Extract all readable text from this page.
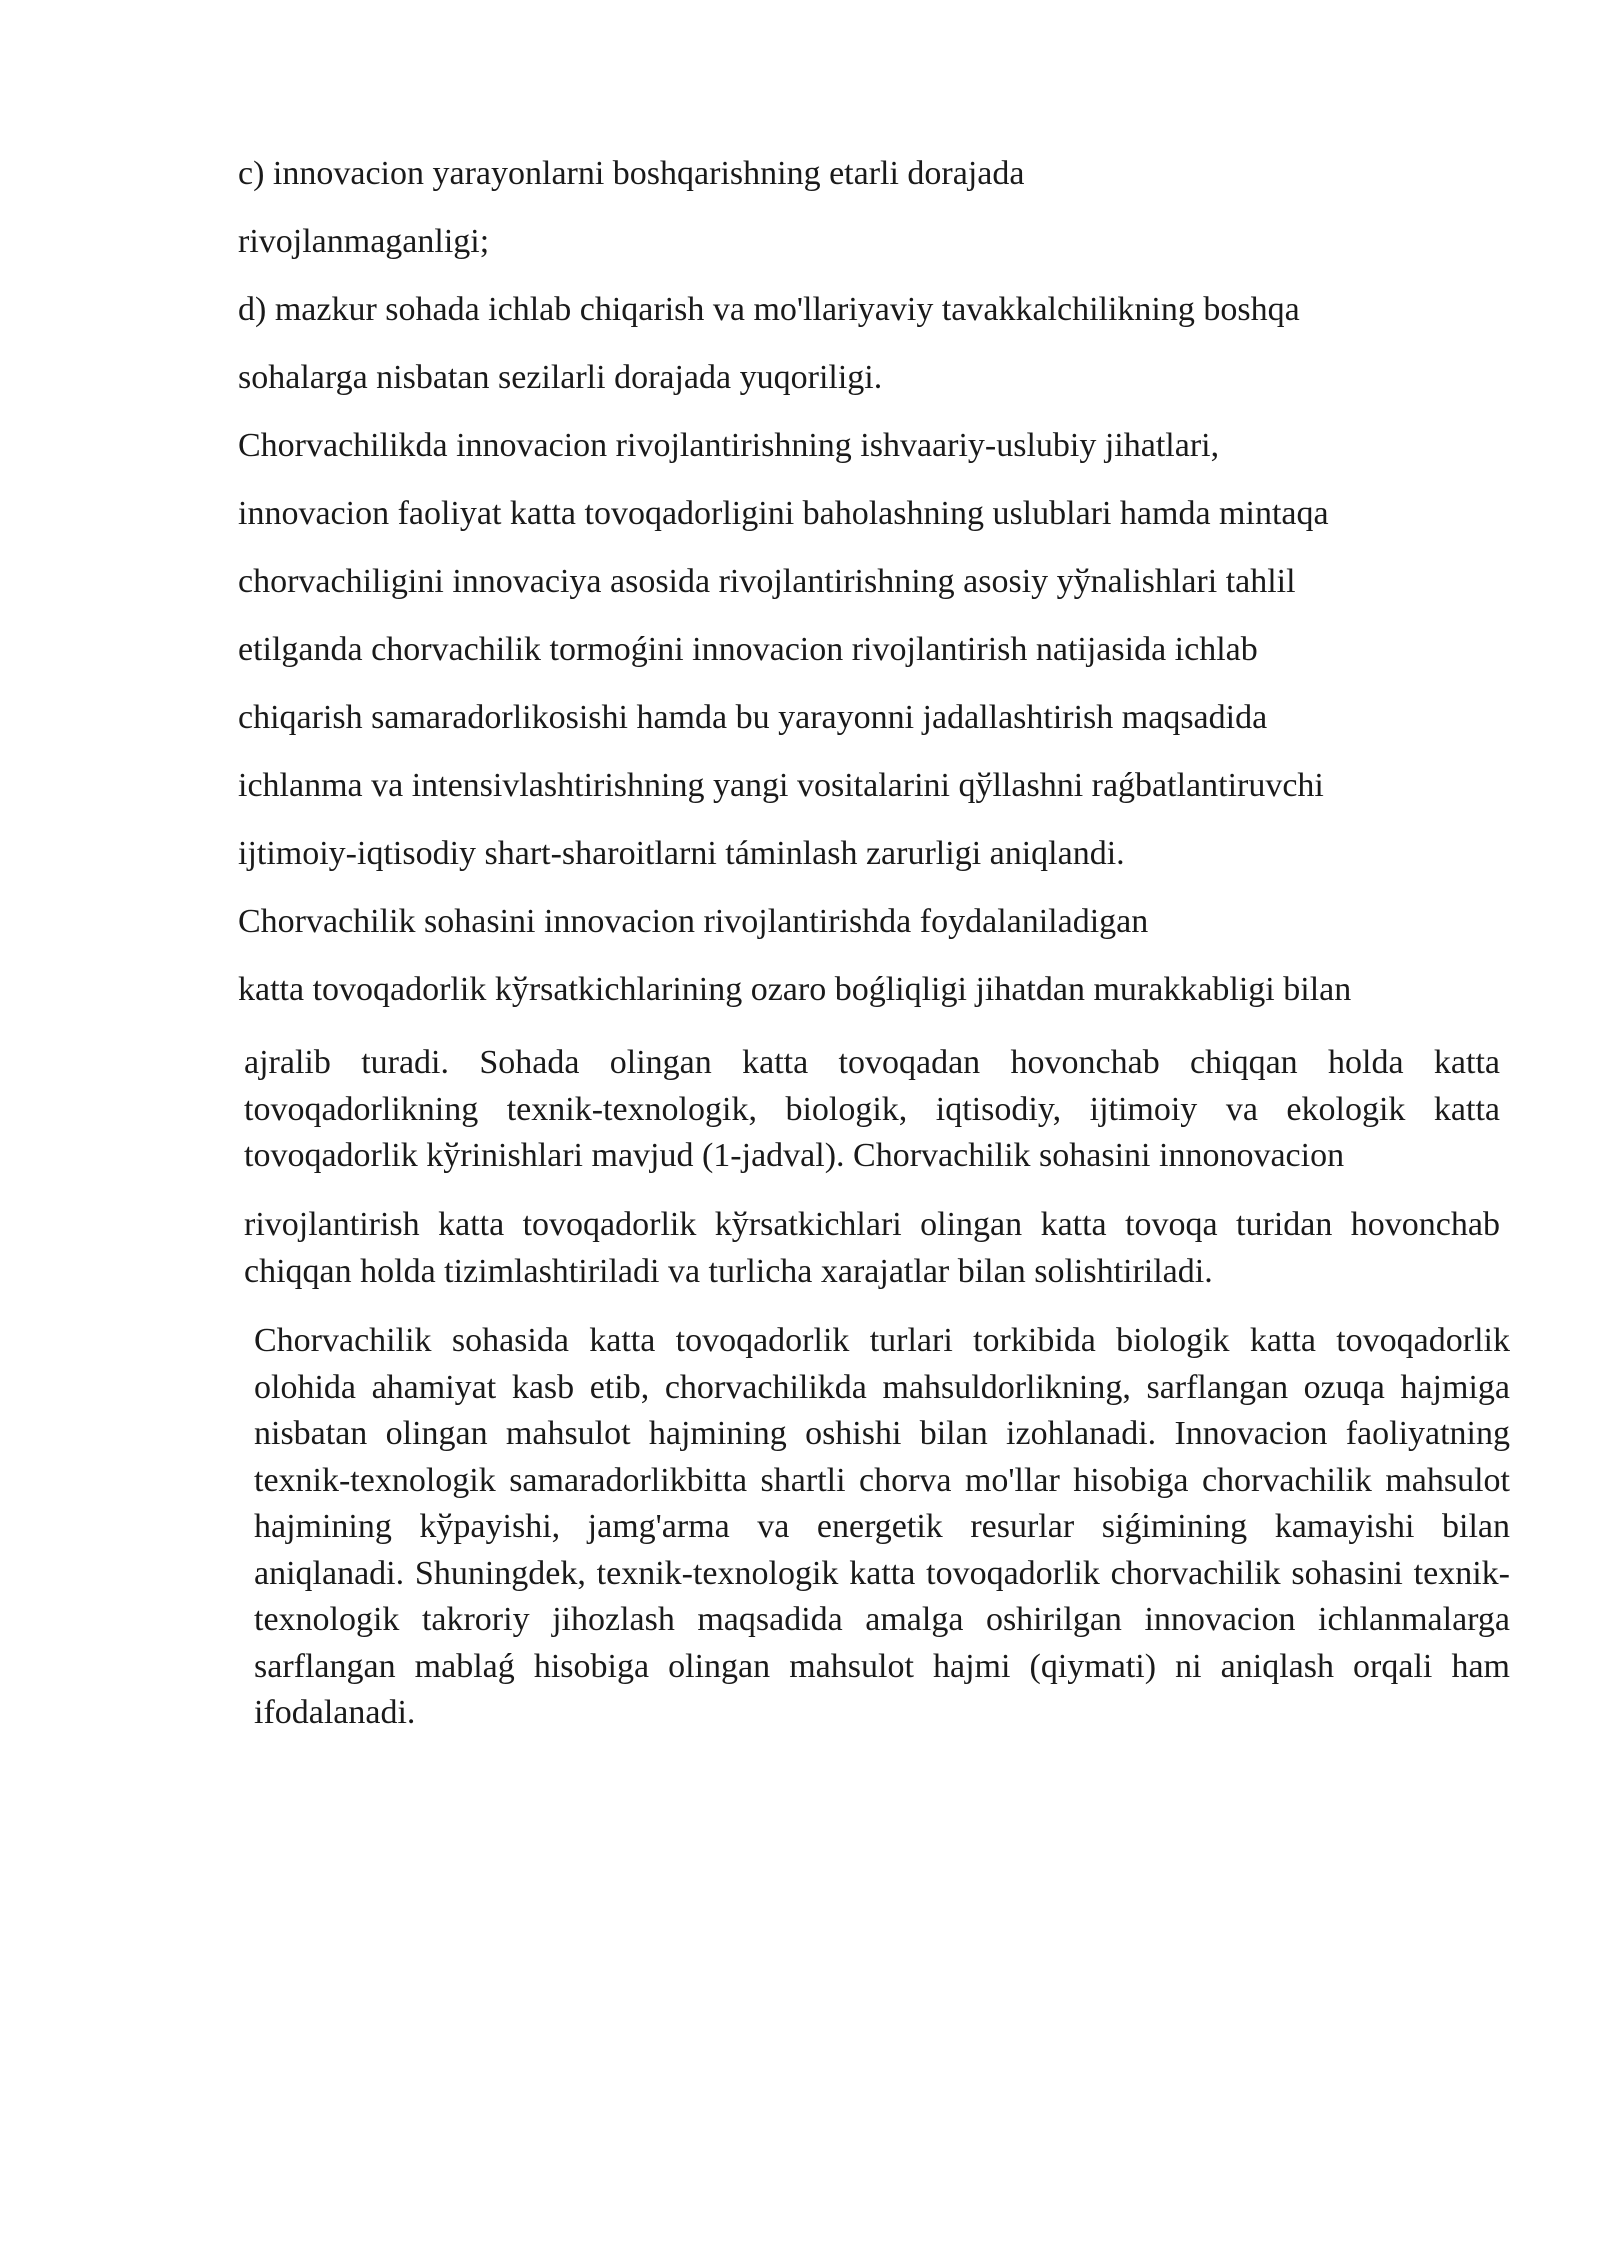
c) innovacion yarayonlarni boshqarishning etarli dorajada

rivojlanmaganligi;

d) mazkur sohada ichlab chiqarish va mo'llariyaviy tavakkalchilikning boshqa

sohalarga nisbatan sezilarli dorajada yuqoriligi.

Chorvachilikda innovacion rivojlantirishning ishvaariy-uslubiy jihatlari,

innovacion faoliyat katta tovoqadorligini baholashning uslublari hamda mintaqa

chorvachiligini innovaciya asosida rivojlantirishning asosiy yўnalishlari tahlil

etilganda chorvachilik tormoǵini innovacion rivojlantirish natijasida ichlab

chiqarish samaradorlikosishi hamda bu yarayonni jadallashtirish maqsadida

ichlanma va intensivlashtirishning yangi vositalarini qўllashni raǵbatlantiruvchi

ijtimoiy-iqtisodiy shart-sharoitlarni táminlash zarurligi aniqlandi.

Chorvachilik sohasini innovacion rivojlantirishda foydalaniladigan

katta tovoqadorlik kўrsatkichlarining ozaro boǵliqligi jihatdan murakkabligi bilan

ajralib turadi. Sohada olingan katta tovoqadan hovonchab chiqqan holda katta tovoqadorlikning texnik-texnologik, biologik, iqtisodiy, ijtimoiy va ekologik katta tovoqadorlik kўrinishlari mavjud (1-jadval). Chorvachilik sohasini innonovacion

rivojlantirish katta tovoqadorlik kўrsatkichlari olingan katta tovoqa turidan hovonchab chiqqan holda tizimlashtiriladi va turlicha xarajatlar bilan solishtiriladi.

Chorvachilik sohasida katta tovoqadorlik turlari torkibida biologik katta tovoqadorlik olohida ahamiyat kasb etib, chorvachilikda mahsuldorlikning, sarflangan ozuqa hajmiga nisbatan olingan mahsulot hajmining oshishi bilan izohlanadi. Innovacion faoliyatning texnik-texnologik samaradorlikbitta shartli chorva mo'llar hisobiga chorvachilik mahsulot hajmining kўpayishi, jamg'arma va energetik resurlar siǵimining kamayishi bilan aniqlanadi. Shuningdek, texnik-texnologik katta tovoqadorlik chorvachilik sohasini texnik-texnologik takroriy jihozlash maqsadida amalga oshirilgan innovacion ichlanmalarga sarflangan mablaǵ hisobiga olingan mahsulot hajmi (qiymati) ni aniqlash orqali ham ifodalanadi.
